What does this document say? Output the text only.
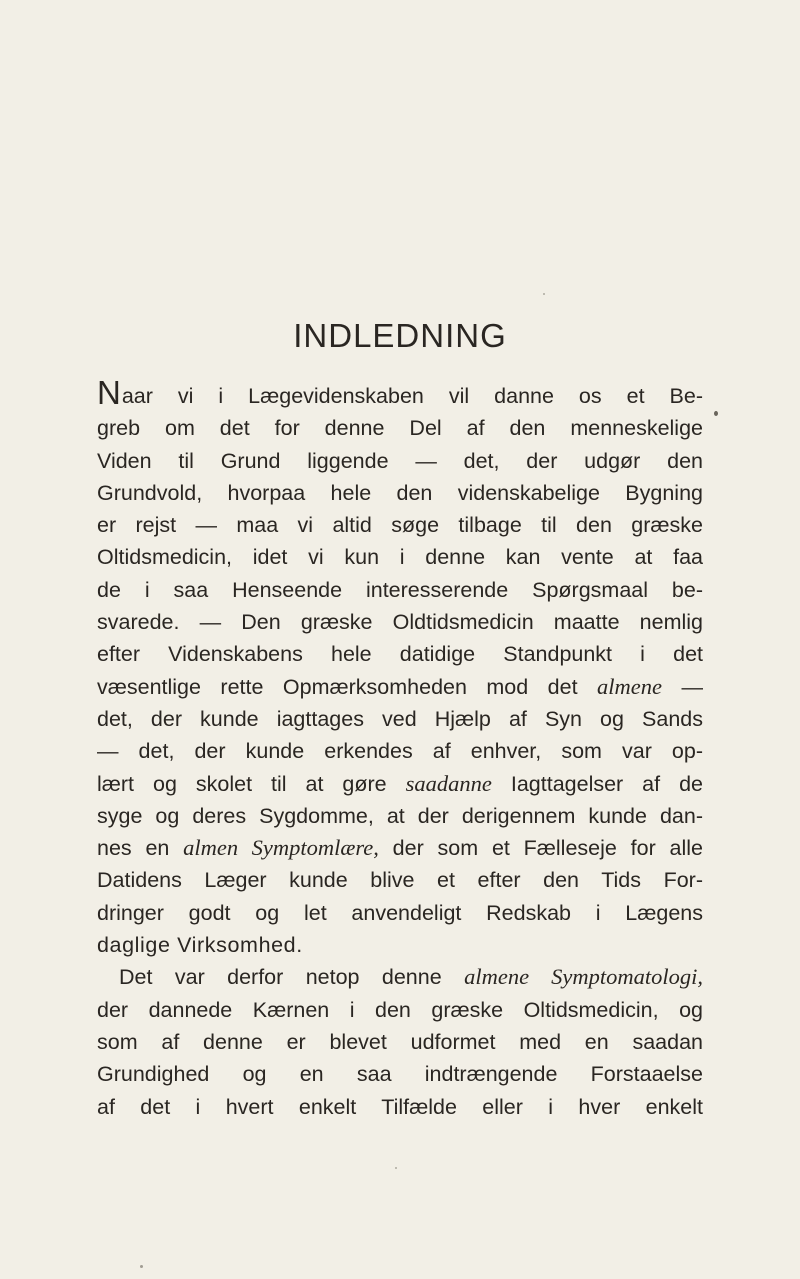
INDLEDNING
Naar vi i Lægevidenskaben vil danne os et Be-
greb om det for denne Del af den menneskelige
Viden til Grund liggende — det, der udgør den
Grundvold, hvorpaa hele den videnskabelige Bygning
er rejst — maa vi altid søge tilbage til den græske
Oltidsmedicin, idet vi kun i denne kan vente at faa
de i saa Henseende interesserende Spørgsmaal be-
svarede. — Den græske Oldtidsmedicin maatte nemlig
efter Videnskabens hele datidige Standpunkt i det
væsentlige rette Opmærksomheden mod det almene —
det, der kunde iagttages ved Hjælp af Syn og Sands
— det, der kunde erkendes af enhver, som var op-
lært og skolet til at gøre saadanne Iagttagelser af de
syge og deres Sygdomme, at der derigennem kunde dan-
nes en almen Symptomlære, der som et Fælleseje for alle
Datidens Læger kunde blive et efter den Tids For-
dringer godt og let anvendeligt Redskab i Lægens
daglige Virksomhed.
Det var derfor netop denne almene Symptomatologi,
der dannede Kærnen i den græske Oltidsmedicin, og
som af denne er blevet udformet med en saadan
Grundighed og en saa indtrængende Forstaaelse
af det i hvert enkelt Tilfælde eller i hver enkelt
